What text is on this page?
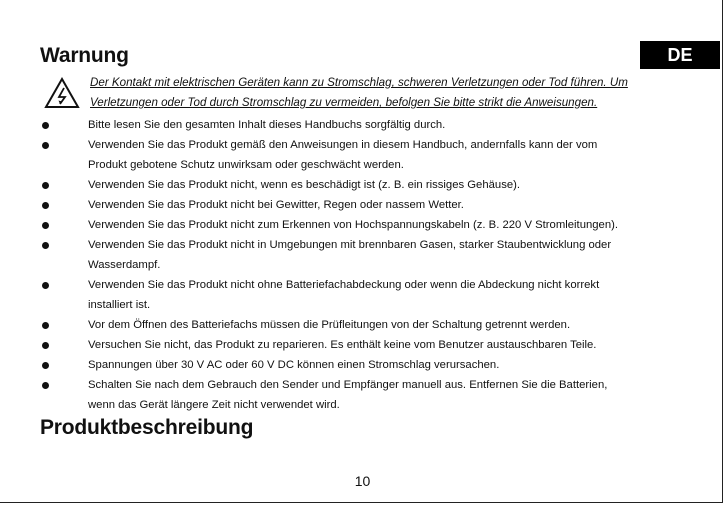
DE
Warnung
Der Kontakt mit elektrischen Geräten kann zu Stromschlag, schweren Verletzungen oder Tod führen. Um
Verletzungen oder Tod durch Stromschlag zu vermeiden, befolgen Sie bitte strikt die Anweisungen.
Bitte lesen Sie den gesamten Inhalt dieses Handbuchs sorgfältig durch.
Verwenden Sie das Produkt gemäß den Anweisungen in diesem Handbuch, andernfalls kann der vom
Produkt gebotene Schutz unwirksam oder geschwächt werden.
Verwenden Sie das Produkt nicht, wenn es beschädigt ist (z. B. ein rissiges Gehäuse).
Verwenden Sie das Produkt nicht bei Gewitter, Regen oder nassem Wetter.
Verwenden Sie das Produkt nicht zum Erkennen von Hochspannungskabeln (z. B. 220 V Stromleitungen).
Verwenden Sie das Produkt nicht in Umgebungen mit brennbaren Gasen, starker Staubentwicklung oder
Wasserdampf.
Verwenden Sie das Produkt nicht ohne Batteriefachabdeckung oder wenn die Abdeckung nicht korrekt
installiert ist.
Vor dem Öffnen des Batteriefachs müssen die Prüfleitungen von der Schaltung getrennt werden.
Versuchen Sie nicht, das Produkt zu reparieren. Es enthält keine vom Benutzer austauschbaren Teile.
Spannungen über 30 V AC oder 60 V DC können einen Stromschlag verursachen.
Schalten Sie nach dem Gebrauch den Sender und Empfänger manuell aus. Entfernen Sie die Batterien,
wenn das Gerät längere Zeit nicht verwendet wird.
Produktbeschreibung
10
